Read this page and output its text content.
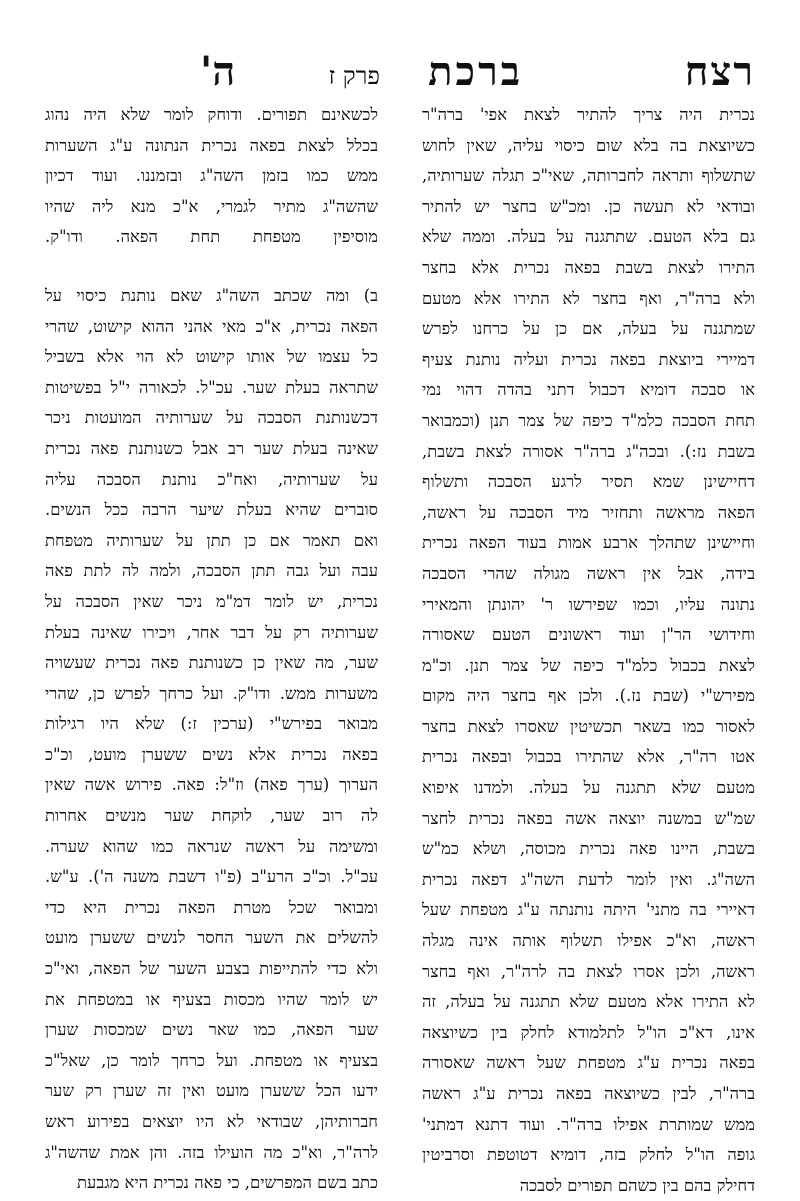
רצח
ברכת
פרק ז
ה'
נכרית היה צריך להתיר לצאת אפי' ברה"ר
כשיוצאת בה בלא שום כיסוי עליה, שאין לחוש
שתשלוף ותראה לחברותה, שאי"כ תגלה שערותיה,
ובודאי לא תעשה כן. ומכ"ש בחצר יש להתיר
גם בלא הטעם. שתתגנה על בעלה. וממה שלא
התירו לצאת בשבת בפאה נכרית אלא בחצר
ולא ברה"ר, ואף בחצר לא התירו אלא מטעם
שמתגנה על בעלה, אם כן על כרחנו לפרש
דמיירי ביוצאת בפאה נכרית ועליה נותנת צעיף
או סבכה דומיא דכבול דתני בהדה דהוי נמי
תחת הסבכה כלמ"ד כיפה של צמר תנן (וכמבואר
בשבת נז:). ובכה"ג ברה"ר אסורה לצאת בשבת,
דחיישינן שמא תסיר לרגע הסבכה ותשלוף
הפאה מראשה ותחזיר מיד הסבכה על ראשה,
וחיישינן שתהלך ארבע אמות בעוד הפאה נכרית
בידה, אבל אין ראשה מגולה שהרי הסבכה
נתונה עליו, וכמו שפירשו ר' יהונתן והמאירי
וחידושי הר"ן ועוד ראשונים הטעם שאסורה
לצאת בכבול כלמ"ד כיפה של צמר תנן. וכ"מ
מפירש"י (שבת נז.). ולכן אף בחצר היה מקום
לאסור כמו בשאר תכשיטין שאסרו לצאת בחצר
אטו רה"ר, אלא שהתירו בכבול ובפאה נכרית
מטעם שלא תתגנה על בעלה. ולמדנו איפוא
שמ"ש במשנה יוצאה אשה בפאה נכרית לחצר
בשבת, היינו פאה נכרית מכוסה, ושלא כמ"ש
השה"ג. ואין לומר לדעת השה"ג דפאה נכרית
דאיירי בה מתני' היתה נותנתה ע"ג מטפחת שעל
ראשה, וא"כ אפילו תשלוף אותה אינה מגלה
ראשה, ולכן אסרו לצאת בה לרה"ר, ואף בחצר
לא התירו אלא מטעם שלא תתגנה על בעלה, זה
אינו, דא"כ הו"ל לתלמודא לחלק בין כשיוצאה
בפאה נכרית ע"ג מטפחת שעל ראשה שאסורה
ברה"ר, לבין כשיוצאה בפאה נכרית ע"ג ראשה
ממש שמותרת אפילו ברה"ר. ועוד דתנא דמתני'
גופה הו"ל לחלק בזה, דומיא דטוטפת וסרביטין
דחילק בהם בין כשהם תפורים לסבכה
לכשאינם תפורים. ודוחק לומר שלא היה נהוג
בכלל לצאת בפאה נכרית הנתונה ע"ג השערות
ממש כמו בזמן השה"ג ובזמננו. ועוד דכיון
שהשה"ג מתיר לגמרי, א"כ מנא ליה שהיו
מוסיפין מטפחת תחת הפאה. ודו"ק.
ב) ומה שכתב השה"ג שאם נותנת כיסוי על
הפאה נכרית, א"כ מאי אהני ההוא קישוט, שהרי
כל עצמו של אותו קישוט לא הוי אלא בשביל
שתראה בעלת שער. עכ"ל. לכאורה י"ל בפשיטות
דכשנותנת הסבכה על שערותיה המועטות ניכר
שאינה בעלת שער רב אבל כשנותנת פאה נכרית
על שערותיה, ואח"כ נותנת הסבכה עליה
סוברים שהיא בעלת שיער הרבה ככל הנשים.
ואם תאמר אם כן תתן על שערותיה מטפחת
עבה ועל גבה תתן הסבכה, ולמה לה לתת פאה
נכרית, יש לומר דמ"מ ניכר שאין הסבכה על
שערותיה רק על דבר אחר, ויכירו שאינה בעלת
שער, מה שאין כן כשנותנת פאה נכרית שעשויה
משערות ממש. ודו"ק. ועל כרחך לפרש כן, שהרי
מבואר בפירש"י (ערכין ז:) שלא היו רגילות
בפאה נכרית אלא נשים ששערן מועט, וכ"כ
הערוך (ערך פאה) וז"ל: פאה. פירוש אשה שאין
לה רוב שער, לוקחת שער מנשים אחרות
ומשימה על ראשה שנראה כמו שהוא שערה.
עכ"ל. וכ"כ הרע"ב (פ"ו דשבת משנה ה'). ע"ש.
ומבואר שכל מטרת הפאה נכרית היא כדי
להשלים את השער החסר לנשים ששערן מועט
ולא כדי להתייפות בצבע השער של הפאה, ואי"כ
יש לומר שהיו מכסות בצעיף או במטפחת את
שער הפאה, כמו שאר נשים שמכסות שערן
בצעיף או מטפחת. ועל כרחך לומר כן, שאל"כ
ידעו הכל ששערן מועט ואין זה שערן רק שער
חברותיהן, שבודאי לא היו יוצאים בפירוע ראש
לרה"ר, וא"כ מה הועילו בזה. והן אמת שהשה"ג
כתב בשם המפרשים, כי פאה נכרית היא מגבעת
